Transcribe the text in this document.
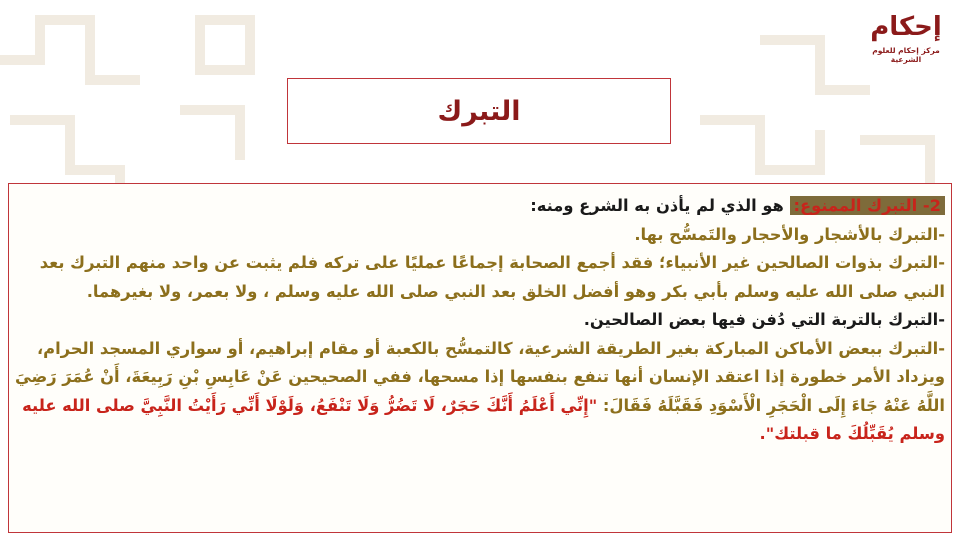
إحكام
مركز إحكام للعلوم الشرعية
التبرك

2- التبرك الممنوع: هو الذي لم يأذن به الشرع ومنه:

-التبرك بالأشجار والأحجار والتَمسُّح بها.

-التبرك بذوات الصالحين غير الأنبياء؛ فقد أجمع الصحابة إجماعًا عمليًا على تركه فلم يثبت عن واحد منهم التبرك بعد النبي صلى الله عليه وسلم بأبي بكر وهو أفضل الخلق بعد النبي صلى الله عليه وسلم ، ولا بعمر، ولا بغيرهما.

-التبرك بالتربة التي دُفن فيها بعض الصالحين.

-التبرك ببعض الأماكن المباركة بغير الطريقة الشرعية، كالتمسُّح بالكعبة أو مقام إبراهيم، أو سواري المسجد الحرام، ويزداد الأمر خطورة إذا اعتقد الإنسان أنها تنفع بنفسها إذا مسحها، ففي الصحيحين عَنْ عَابِسِ بْنِ رَبِيعَةَ، أَنْ عُمَرَ رَضِيَ اللَّهُ عَنْهُ جَاءَ إِلَى الْحَجَرِ الْأَسْوَدِ فَقَبَّلَهُ فَقَالَ: "إِنِّي أَعْلَمُ أَنَّكَ حَجَرٌ، لَا تَضُرُّ وَلَا تَنْفَعُ، وَلَوْلَا أَنِّي رَأَيْتُ النَّبِيَّ صلى الله عليه وسلم يُقَبِّلُكَ ما قبلتك".
